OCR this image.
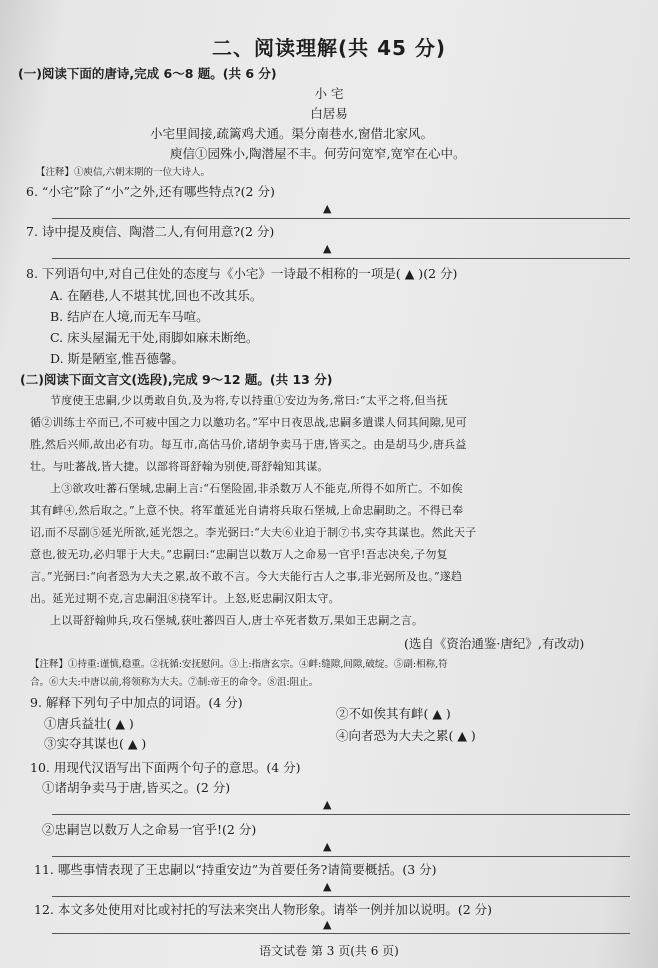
二、阅读理解(共 45 分)
(一)阅读下面的唐诗,完成 6～8 题。(共 6 分)
小 宅
白居易
小宅里闾接,疏篱鸡犬通。渠分南巷水,窗借北家风。
庾信①园殊小,陶潜屋不丰。何劳问宽窄,宽窄在心中。
【注释】①庾信,六朝末期的一位大诗人。
6. “小宅”除了“小”之外,还有哪些特点?(2 分)
▲
7. 诗中提及庾信、陶潜二人,有何用意?(2 分)
▲
8. 下列语句中,对自己住处的态度与《小宅》一诗最不相称的一项是( ▲ )(2 分)
A. 在陋巷,人不堪其忧,回也不改其乐。
B. 结庐在人境,而无车马喧。
C. 床头屋漏无干处,雨脚如麻未断绝。
D. 斯是陋室,惟吾德馨。
(二)阅读下面文言文(选段),完成 9～12 题。(共 13 分)
节度使王忠嗣,少以勇敢自负,及为将,专以持重①安边为务,常曰:“太平之将,但当抚
循②训练士卒而已,不可疲中国之力以邀功名。”军中日夜思战,忠嗣多遣谍人伺其间隙,见可
胜,然后兴师,故出必有功。每互市,高估马价,诸胡争卖马于唐,皆买之。由是胡马少,唐兵益
壮。与吐蕃战,皆大捷。以部将哥舒翰为别使,哥舒翰知其谋。
上③欲攻吐蕃石堡城,忠嗣上言:“石堡险固,非杀数万人不能克,所得不如所亡。不如俟
其有衅④,然后取之。”上意不快。将军董延光自请将兵取石堡城,上命忠嗣助之。不得已奉
诏,而不尽副⑤延光所欲,延光怨之。李光弼曰:“大夫⑥业迫于制⑦书,实夺其谋也。然此天子
意也,彼无功,必归罪于大夫。”忠嗣曰:“忠嗣岂以数万人之命易一官乎!吾志决矣,子勿复
言。”光弼曰:“向者恐为大夫之累,故不敢不言。今大夫能行古人之事,非光弼所及也。”遂趋
出。延光过期不克,言忠嗣沮⑧挠军计。上怒,贬忠嗣汉阳太守。
上以哥舒翰帅兵,攻石堡城,获吐蕃四百人,唐士卒死者数万,果如王忠嗣之言。
(选自《资治通鉴·唐纪》,有改动)
【注释】①持重:谨慎,稳重。②抚循:安抚慰问。③上:指唐玄宗。④衅:缝隙,间隙,破绽。⑤副:相称,符
合。⑥大夫:中唐以前,将领称为大夫。⑦制:帝王的命令。⑧沮:阻止。
9. 解释下列句子中加点的词语。(4 分)
①唐兵益壮( ▲ )
②不如俟其有衅( ▲ )
③实夺其谋也( ▲ )
④向者恐为大夫之累( ▲ )
10. 用现代汉语写出下面两个句子的意思。(4 分)
①诸胡争卖马于唐,皆买之。(2 分)
▲
②忠嗣岂以数万人之命易一官乎!(2 分)
▲
11. 哪些事情表现了王忠嗣以“持重安边”为首要任务?请简要概括。(3 分)
▲
12. 本文多处使用对比或衬托的写法来突出人物形象。请举一例并加以说明。(2 分)
▲
语文试卷 第 3 页(共 6 页)
